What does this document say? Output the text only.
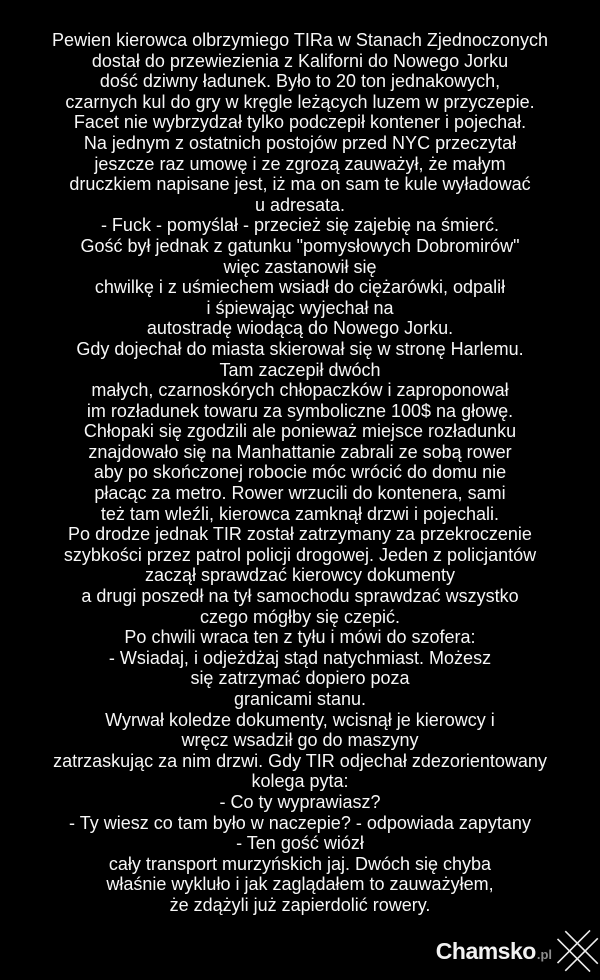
Pewien kierowca olbrzymiego TIRa w Stanach Zjednoczonych
dostał do przewiezienia z Kaliforni do Nowego Jorku
dość dziwny ładunek. Było to 20 ton jednakowych,
czarnych kul do gry w kręgle leżących luzem w przyczepie.
Facet nie wybrzydzał tylko podczepił kontener i pojechał.
Na jednym z ostatnich postojów przed NYC przeczytał
jeszcze raz umowę i ze zgrozą zauważył, że małym
druczkiem napisane jest, iż ma on sam te kule wyładować
u adresata.
- Fuck - pomyślał - przecież się zajebię na śmierć.
Gość był jednak z gatunku "pomysłowych Dobromirów"
więc zastanowił się
chwilkę i z uśmiechem wsiadł do ciężarówki, odpalił
i śpiewając wyjechał na
autostradę wiodącą do Nowego Jorku.
Gdy dojechał do miasta skierował się w stronę Harlemu.
Tam zaczepił dwóch
małych, czarnoskórych chłopaczków i zaproponował
im rozładunek towaru za symboliczne 100$ na głowę.
Chłopaki się zgodzili ale ponieważ miejsce rozładunku
znajdowało się na Manhattanie zabrali ze sobą rower
aby po skończonej robocie móc wrócić do domu nie
płacąc za metro. Rower wrzucili do kontenera, sami
też tam wleźli, kierowca zamknął drzwi i pojechali.
Po drodze jednak TIR został zatrzymany za przekroczenie
szybkości przez patrol policji drogowej. Jeden z policjantów
zaczął sprawdzać kierowcy dokumenty
a drugi poszedł na tył samochodu sprawdzać wszystko
czego mógłby się czepić.
Po chwili wraca ten z tyłu i mówi do szofera:
- Wsiadaj, i odjeżdżaj stąd natychmiast. Możesz
się zatrzymać dopiero poza
granicami stanu.
Wyrwał koledze dokumenty, wcisnął je kierowcy i
wręcz wsadził go do maszyny
zatrzaskując za nim drzwi. Gdy TIR odjechał zdezorientowany
kolega pyta:
- Co ty wyprawiasz?
- Ty wiesz co tam było w naczepie? - odpowiada zapytany
- Ten gość wiózł
cały transport murzyńskich jaj. Dwóch się chyba
właśnie wykluło i jak zaglądałem to zauważyłem,
że zdążyli już zapierdolić rowery.
Chamsko .pl
